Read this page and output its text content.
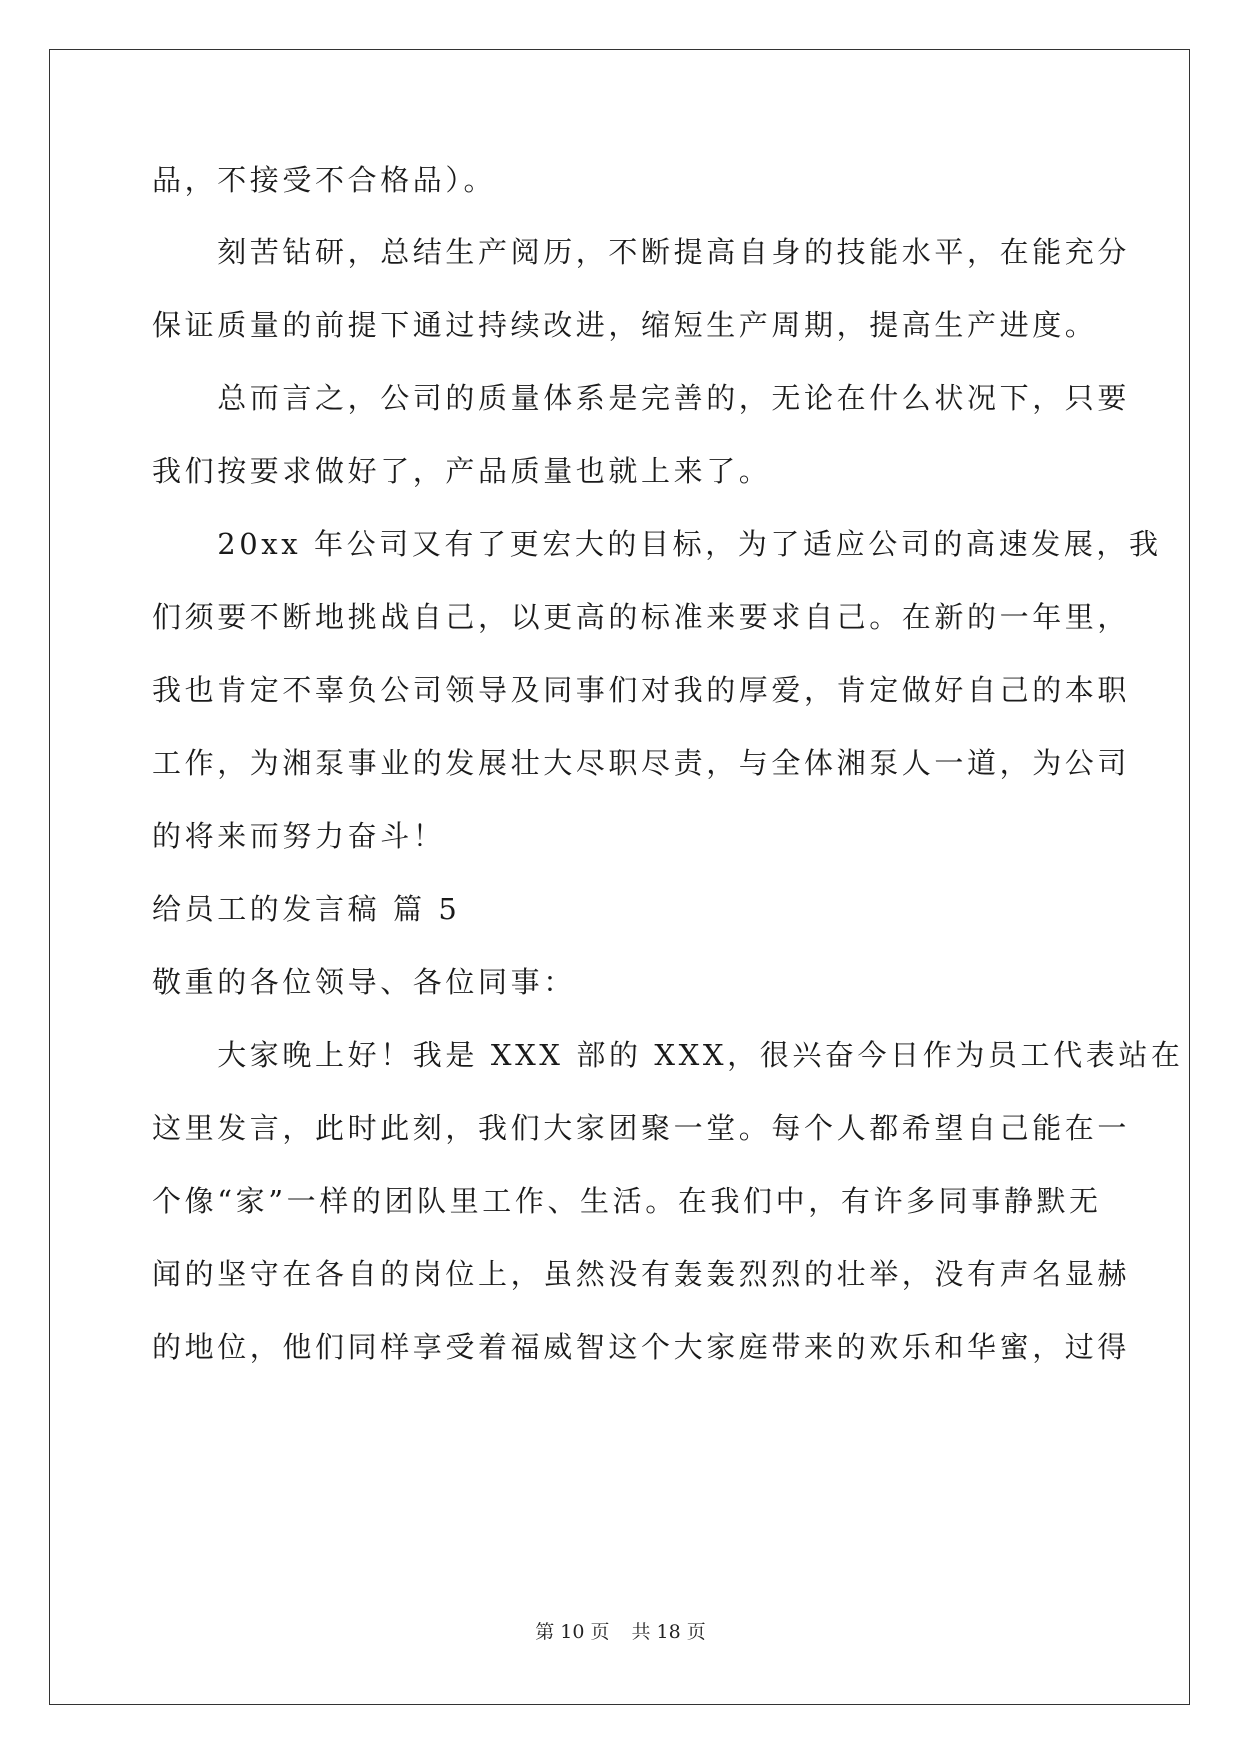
品，不接受不合格品）。
　　刻苦钻研，总结生产阅历，不断提高自身的技能水平，在能充分
保证质量的前提下通过持续改进，缩短生产周期，提高生产进度。
　　总而言之，公司的质量体系是完善的，无论在什么状况下，只要
我们按要求做好了，产品质量也就上来了。
　　20xx 年公司又有了更宏大的目标，为了适应公司的高速发展，我
们须要不断地挑战自己，以更高的标准来要求自己。在新的一年里，
我也肯定不辜负公司领导及同事们对我的厚爱，肯定做好自己的本职
工作，为湘泵事业的发展壮大尽职尽责，与全体湘泵人一道，为公司
的将来而努力奋斗！
给员工的发言稿 篇 5
敬重的各位领导、各位同事：
　　大家晚上好！我是 XXX 部的 XXX，很兴奋今日作为员工代表站在
这里发言，此时此刻，我们大家团聚一堂。每个人都希望自己能在一
个像“家”一样的团队里工作、生活。在我们中，有许多同事静默无
闻的坚守在各自的岗位上，虽然没有轰轰烈烈的壮举，没有声名显赫
的地位，他们同样享受着福威智这个大家庭带来的欢乐和华蜜，过得
第 10 页 共 18 页
